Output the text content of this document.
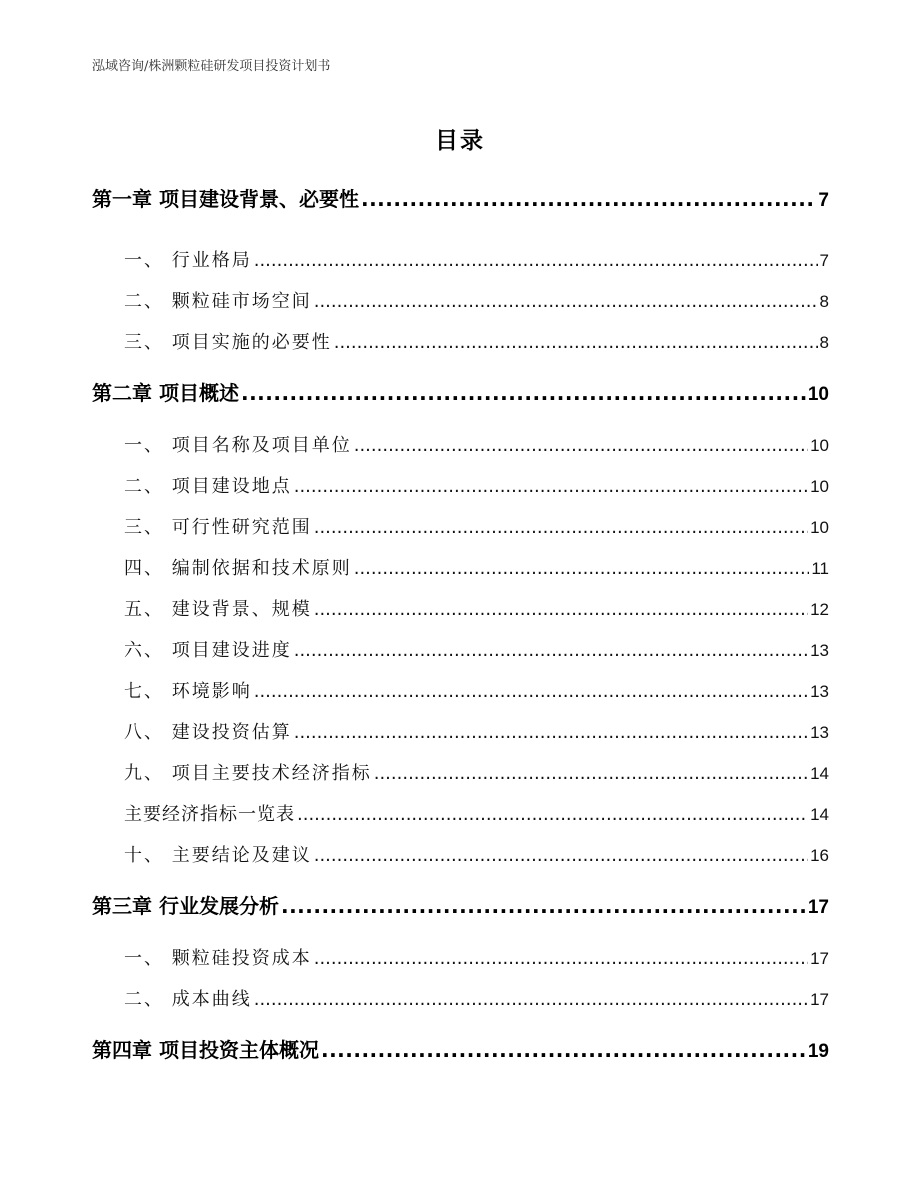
泓域咨询/株洲颗粒硅研发项目投资计划书
目录
第一章 项目建设背景、必要性 .....	7
一、 行业格局 .....	7
二、 颗粒硅市场空间 .....	8
三、 项目实施的必要性 .....	8
第二章 项目概述 .....	10
一、 项目名称及项目单位 .....	10
二、 项目建设地点 .....	10
三、 可行性研究范围 .....	10
四、 编制依据和技术原则 .....	11
五、 建设背景、规模 .....	12
六、 项目建设进度 .....	13
七、 环境影响 .....	13
八、 建设投资估算 .....	13
九、 项目主要技术经济指标 .....	14
主要经济指标一览表 .....	14
十、 主要结论及建议 .....	16
第三章 行业发展分析 .....	17
一、 颗粒硅投资成本 .....	17
二、 成本曲线 .....	17
第四章 项目投资主体概况 .....	19
